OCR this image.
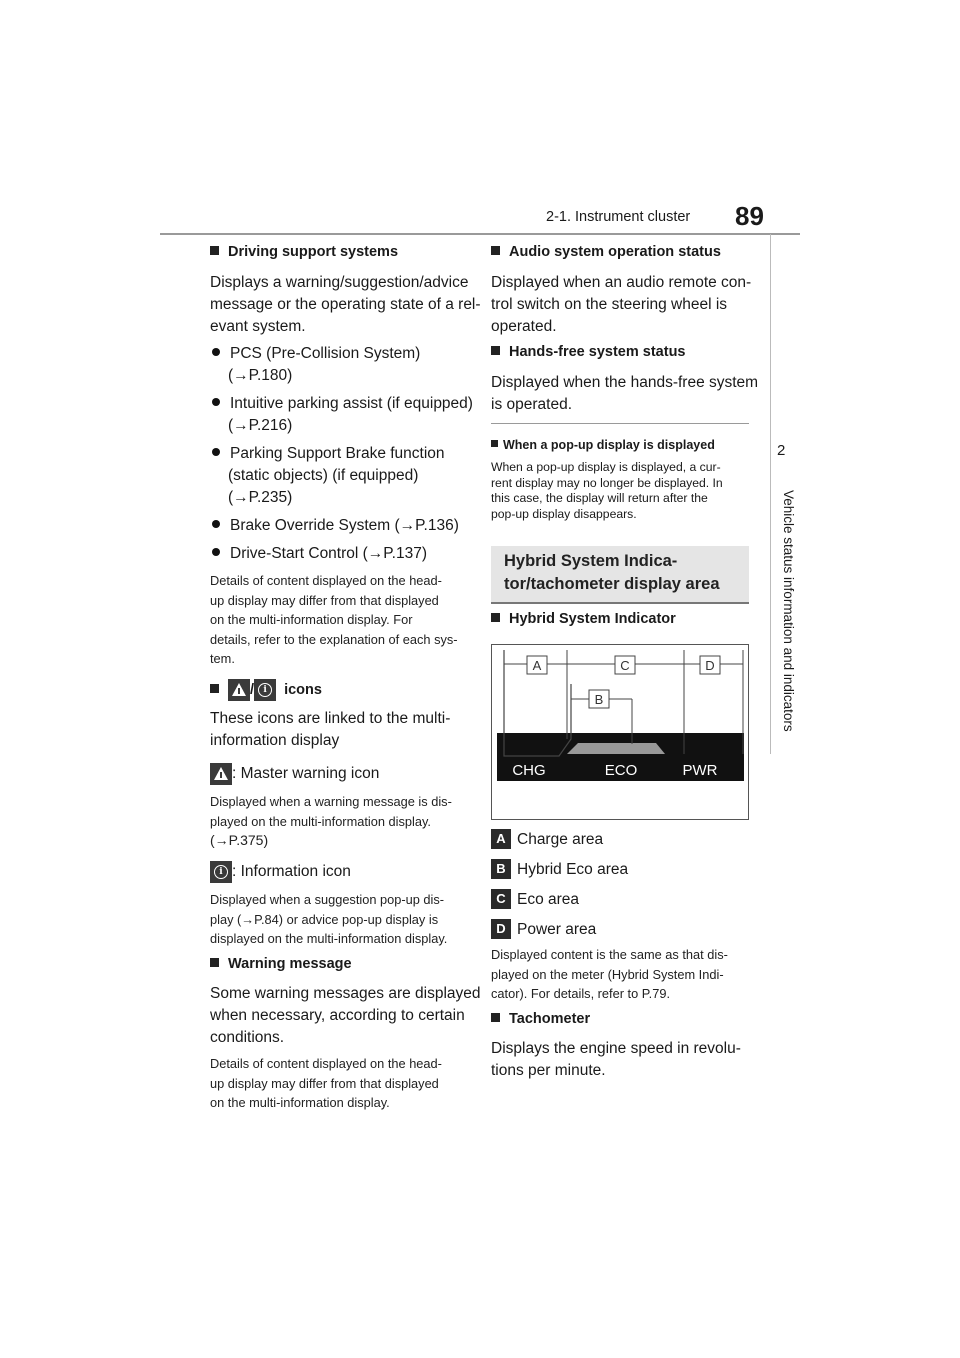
2-1. Instrument cluster 89
2
Vehicle status information and indicators
Driving support systems
Displays a warning/suggestion/advice
message or the operating state of a rel-
evant system.
PCS (Pre-Collision System)
(→P.180)
Intuitive parking assist (if equipped)
(→P.216)
Parking Support Brake function
(static objects) (if equipped)
(→P.235)
Brake Override System (→P.136)
Drive-Start Control (→P.137)
Details of content displayed on the head-
up display may differ from that displayed
on the multi-information display. For
details, refer to the explanation of each sys-
tem.
/	i	icons
These icons are linked to the multi-
information display
: Master warning icon
Displayed when a warning message is dis-
played on the multi-information display.
(→P.375)
i : Information icon
Displayed when a suggestion pop-up dis-
play (→P.84) or advice pop-up display is
displayed on the multi-information display.
Warning message
Some warning messages are displayed
when necessary, according to certain
conditions.
Details of content displayed on the head-
up display may differ from that displayed
on the multi-information display.
Audio system operation status
Displayed when an audio remote con-
trol switch on the steering wheel is
operated.
Hands-free system status
Displayed when the hands-free system
is operated.
When a pop-up display is displayed
When a pop-up display is displayed, a cur-
rent display may no longer be displayed. In
this case, the display will return after the
pop-up display disappears.
Hybrid System Indica-
tor/tachometer display area
Hybrid System Indicator
A	C	D
B
CHG	ECO	PWR
A Charge area
B Hybrid Eco area
C Eco area
D Power area
Displayed content is the same as that dis-
played on the meter (Hybrid System Indi-
cator). For details, refer to P.79.
Tachometer
Displays the engine speed in revolu-
tions per minute.
